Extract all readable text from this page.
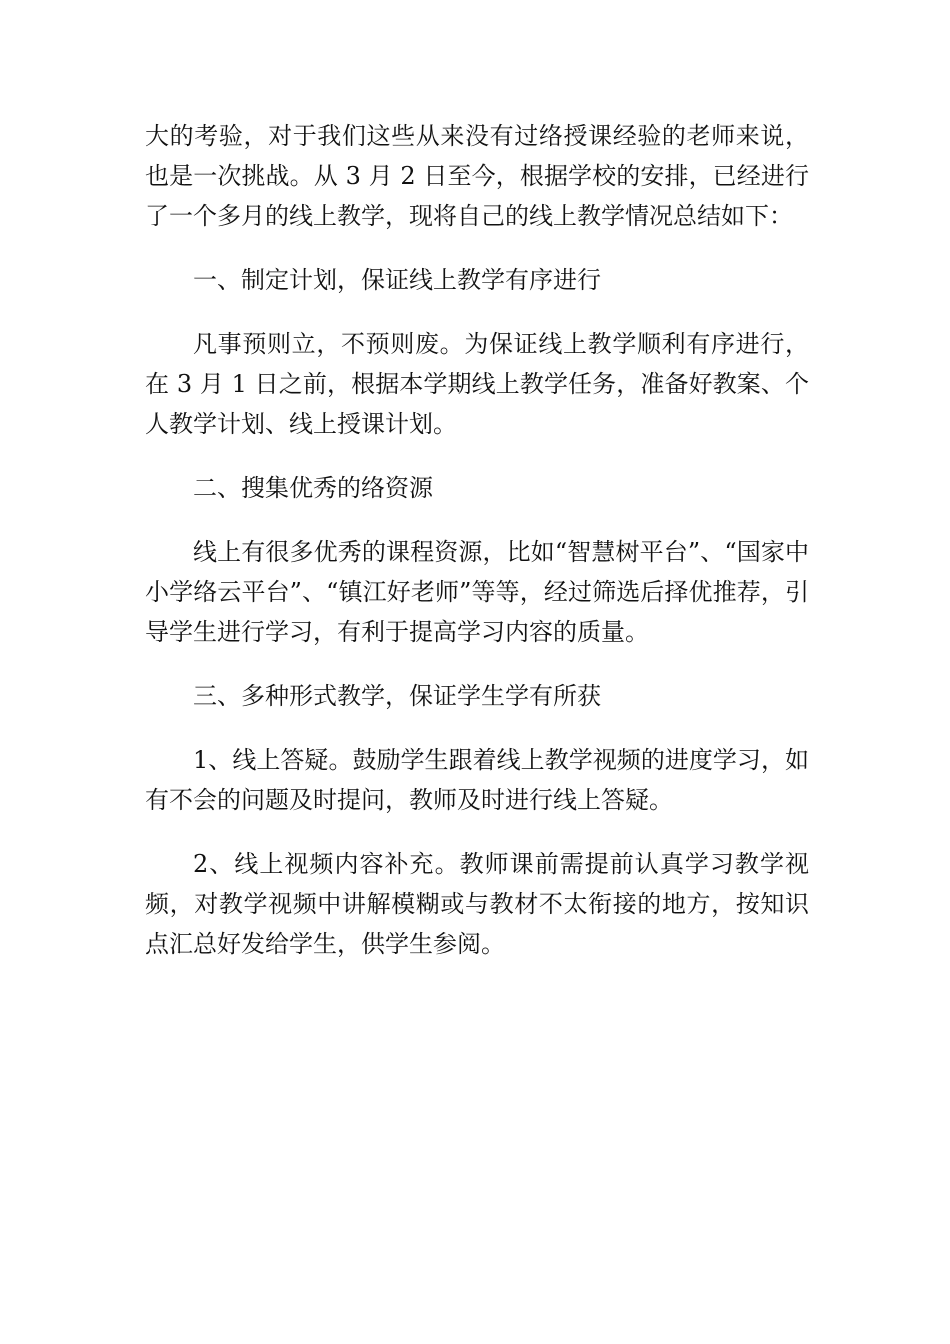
大的考验，对于我们这些从来没有过络授课经验的老师来说，也是一次挑战。从 3 月 2 日至今，根据学校的安排，已经进行了一个多月的线上教学，现将自己的线上教学情况总结如下：

一、制定计划，保证线上教学有序进行

凡事预则立，不预则废。为保证线上教学顺利有序进行，在 3 月 1 日之前，根据本学期线上教学任务，准备好教案、个人教学计划、线上授课计划。

二、搜集优秀的络资源

线上有很多优秀的课程资源，比如“智慧树平台”、“国家中小学络云平台”、“镇江好老师”等等，经过筛选后择优推荐，引导学生进行学习，有利于提高学习内容的质量。

三、多种形式教学，保证学生学有所获

1、线上答疑。鼓励学生跟着线上教学视频的进度学习，如有不会的问题及时提问，教师及时进行线上答疑。

2、线上视频内容补充。教师课前需提前认真学习教学视频，对教学视频中讲解模糊或与教材不太衔接的地方，按知识点汇总好发给学生，供学生参阅。
